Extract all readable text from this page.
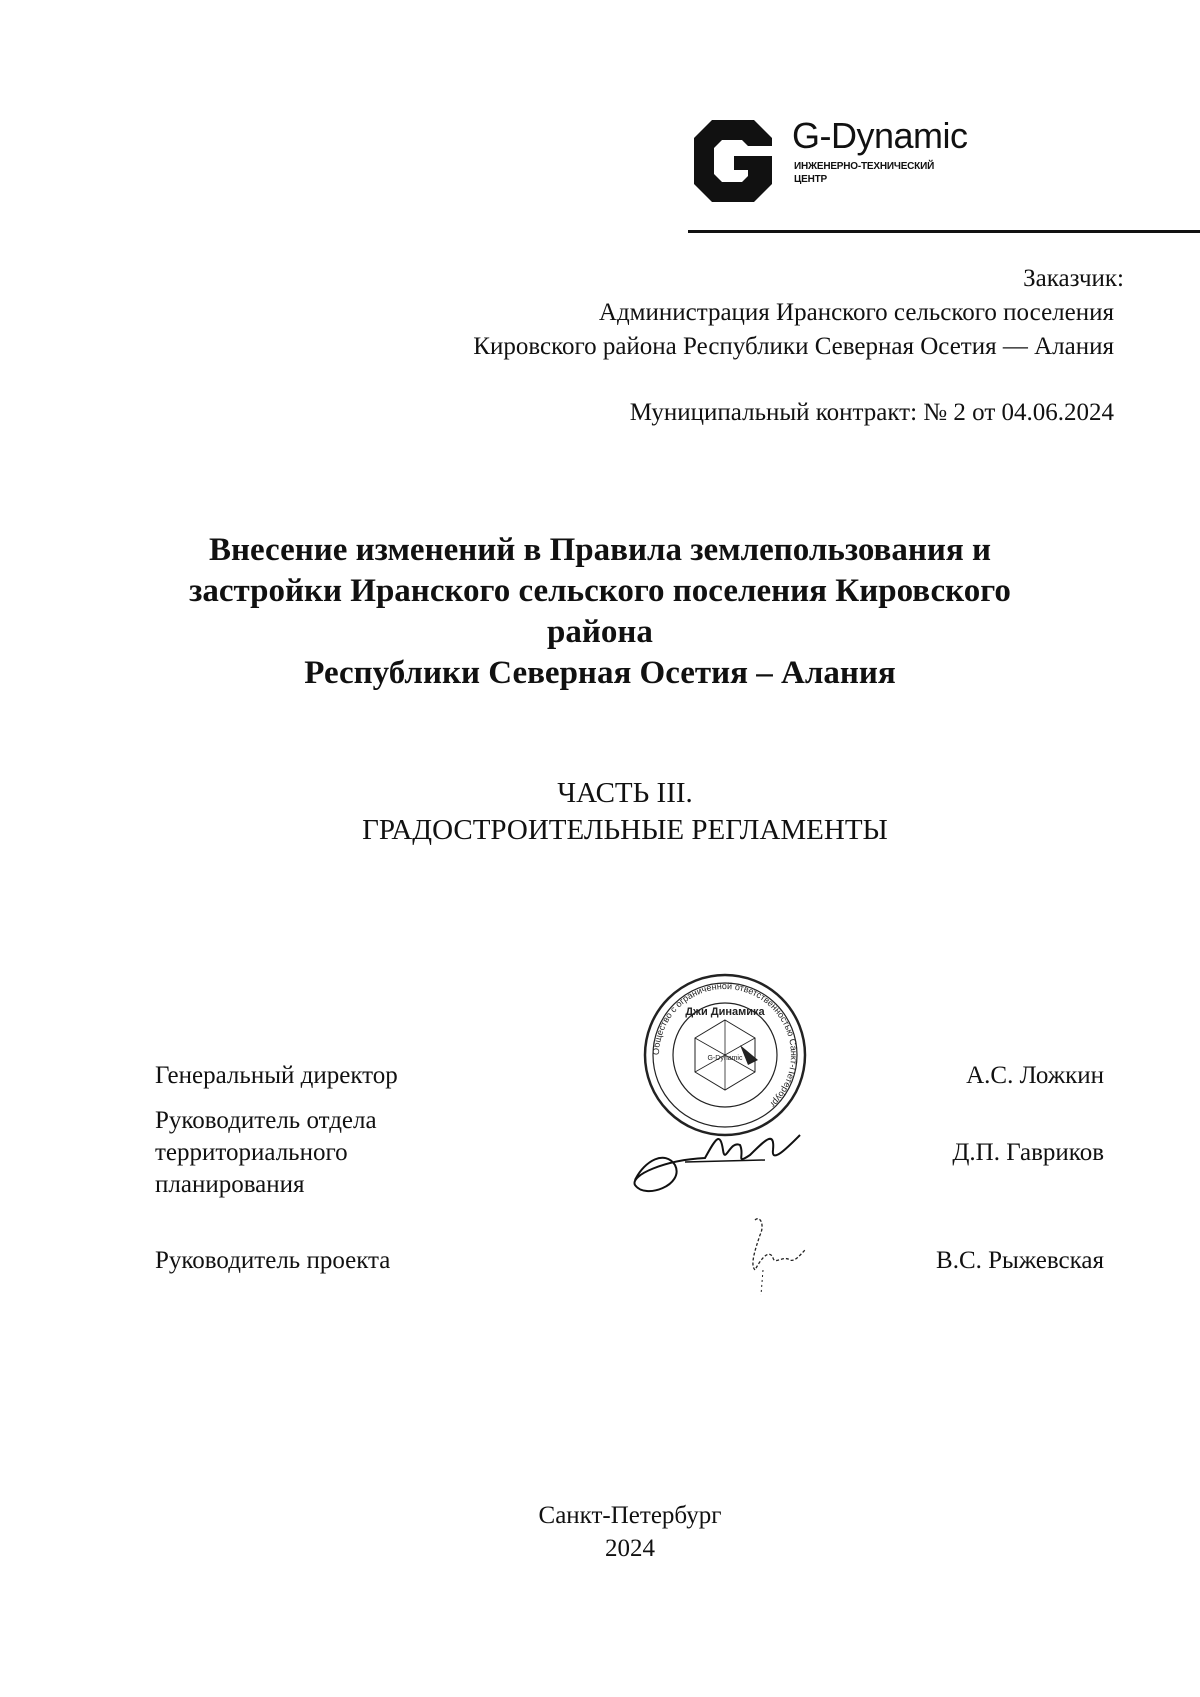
G-Dynamic
ИНЖЕНЕРНО-ТЕХНИЧЕСКИЙ
ЦЕНТР
Заказчик:
Администрация Иранского сельского поселения
Кировского района Республики Северная Осетия — Алания
Муниципальный контракт: № 2 от 04.06.2024
Внесение изменений в Правила землепользования и
застройки Иранского сельского поселения Кировского
района
Республики Северная Осетия – Алания
ЧАСТЬ III.
ГРАДОСТРОИТЕЛЬНЫЕ РЕГЛАМЕНТЫ
Общество с ограниченной ответственностью Санкт-Петербург
Джи Динамика
G-Dynamic
Генеральный директор	А.С. Ложкин
Руководитель отдела
территориального
планирования
Д.П. Гавриков
Руководитель проекта	В.С. Рыжевская
Санкт-Петербург
2024
